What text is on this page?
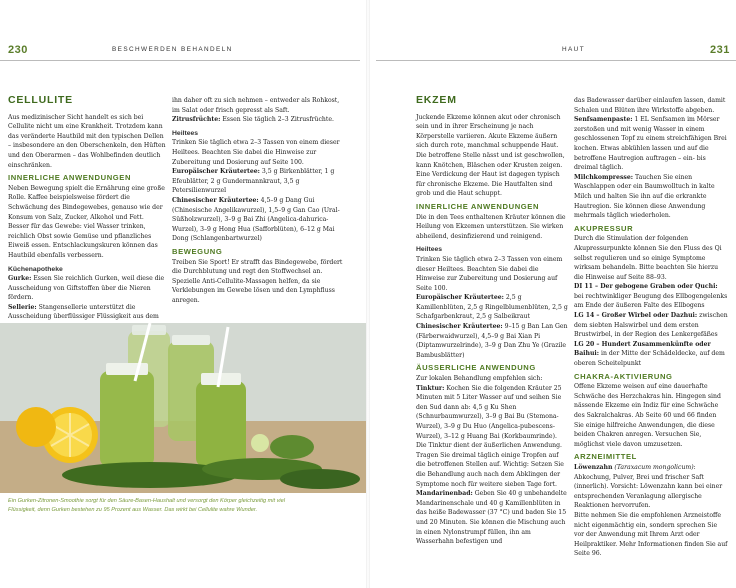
230	BESCHWERDEN BEHANDELN
CELLULITE

Aus medizinischer Sicht handelt es sich bei Cellulite nicht um eine Krankheit. Trotzdem kann das veränderte Hautbild mit den typischen Dellen – insbesondere an den Oberschenkeln, den Hüften und den Oberarmen – das Wohlbefinden deutlich einschränken.

INNERLICHE ANWENDUNGEN

Neben Bewegung spielt die Ernährung eine große Rolle. Kaffee beispielsweise fördert die Schwächung des Bindegewebes, genauso wie der Konsum von Salz, Zucker, Alkohol und Fett. Besser für das Gewebe: viel Wasser trinken, reichlich Obst sowie Gemüse und pflanzliches Eiweiß essen. Entschlackungskuren können das Hautbild ebenfalls verbessern.

Küchenapotheke

Gurke: Essen Sie reichlich Gurken, weil diese die Ausscheidung von Giftstoffen über die Nieren fördern.

Sellerie: Stangensellerie unterstützt die Ausscheidung überflüssiger Flüssigkeit aus dem

ihn daher oft zu sich nehmen – entweder als Rohkost, im Salat oder frisch gepresst als Saft.

Zitrusfrüchte: Essen Sie täglich 2–3 Zitrusfrüchte.

Heiltees

Trinken Sie täglich etwa 2–3 Tassen von einem dieser Heiltees. Beachten Sie dabei die Hinweise zur Zubereitung und Dosierung auf Seite 100.

Europäischer Kräutertee: 3,5 g Birkenblätter, 1 g Efeublätter, 2 g Gundermannkraut, 3,5 g Petersilienwurzel

Chinesischer Kräutertee: 4,5–9 g Dang Gui (Chinesische Angelikawurzel), 1,5–9 g Gan Cao (Ural-Süßholzwurzel), 3–9 g Bai Zhi (Angelica-dahurica-Wurzel), 3–9 g Hong Hua (Safforblüten), 6–12 g Mai Dong (Schlangenbartwurzel)

BEWEGUNG

Treiben Sie Sport! Er strafft das Bindegewebe, fördert die Durchblutung und regt den Stoffwechsel an. Spezielle Anti-Cellulite-Massagen helfen, da sie Verklebungen im Gewebe lösen und den Lymphfluss anregen.

Ein Gurken-Zitronen-Smoothie sorgt für den Säure-Basen-Haushalt und versorgt den Körper gleichzeitig mit viel Flüssigkeit, denn Gurken bestehen zu 95 Prozent aus Wasser. Das wirkt bei Cellulite wahre Wunder.
HAUT	231
EKZEM

Juckende Ekzeme können akut oder chronisch sein und in ihrer Erscheinung je nach Körperstelle variieren. Akute Ekzeme äußern sich durch rote, manchmal schuppende Haut. Die betroffene Stelle nässt und ist geschwollen, kann Knötchen, Bläschen oder Krusten zeigen. Eine Verdickung der Haut ist dagegen typisch für chronische Ekzeme. Die Hautfalten sind grob und die Haut schuppt.

INNERLICHE ANWENDUNGEN

Die in den Tees enthaltenen Kräuter können die Heilung von Ekzemen unterstützen. Sie wirken abheilend, desinfizierend und reinigend.

Heiltees

Trinken Sie täglich etwa 2–3 Tassen von einem dieser Heiltees. Beachten Sie dabei die Hinweise zur Zubereitung und Dosierung auf Seite 100.

Europäischer Kräutertee: 2,5 g Kamillenblüten, 2,5 g Ringelblumenblüten, 2,5 g Schafgarbenkraut, 2,5 g Salbeikraut

Chinesischer Kräutertee: 9–15 g Ban Lan Gen (Färberwaidwurzel), 4,5–9 g Bai Xian Pi (Diptamwurzelrinde), 3–9 g Dan Zhu Ye (Grazile Bambusblätter)

ÄUSSERLICHE ANWENDUNG

Zur lokalen Behandlung empfehlen sich:

Tinktur: Kochen Sie die folgenden Kräuter 25 Minuten mit 5 Liter Wasser auf und seihen Sie den Sud dann ab: 4,5 g Ku Shen (Schnurbaumwurzel), 3–9 g Bai Bu (Stemona-Wurzel), 3–9 g Du Huo (Angelica-pubescens-Wurzel), 3–12 g Huang Bai (Korkbaumrinde). Die Tinktur dient der äußerlichen Anwendung. Tragen Sie dreimal täglich einige Tropfen auf die betroffenen Stellen auf. Wichtig: Setzen Sie die Behandlung auch nach dem Abklingen der Symptome noch für weitere sieben Tage fort.

Mandarinenbad: Geben Sie 40 g unbehandelte Mandarinenschale und 40 g Kamillenblüten in das heiße Badewasser (37 °C) und baden Sie 15 und 20 Minuten. Sie können die Mischung auch in einen Nylonstrumpf füllen, ihn am Wasserhahn befestigen und

das Badewasser darüber einlaufen lassen, damit Schalen und Blüten ihre Wirkstoffe abgeben.

Senfsamenpaste: 1 EL Senfsamen im Mörser zerstoßen und mit wenig Wasser in einem geschlossenen Topf zu einem streichfähigen Brei kochen. Etwas abkühlen lassen und auf die betroffene Hautregion auftragen – ein- bis dreimal täglich.

Milchkompresse: Tauchen Sie einen Waschlappen oder ein Baumwolltuch in kalte Milch und halten Sie ihn auf die erkrankte Hautregion. Sie können diese Anwendung mehrmals täglich wiederholen.

AKUPRESSUR

Durch die Stimulation der folgenden Akupressurpunkte können Sie den Fluss des Qi selbst regulieren und so einige Symptome wirksam behandeln. Bitte beachten Sie hierzu die Hinweise auf Seite 88–93.

DI 11 – Der gebogene Graben oder Quchi: bei rechtwinkliger Beugung des Ellbogengelenks am Ende der äußeren Falte des Ellbogens

LG 14 – Großer Wirbel oder Dazhui: zwischen dem siebten Halswirbel und dem ersten Brustwirbel, in der Region des Lenkergefäßes

LG 20 – Hundert Zusammenkünfte oder Baihui: in der Mitte der Schädeldecke, auf dem oberen Scheitelpunkt

CHAKRA-AKTIVIERUNG

Offene Ekzeme weisen auf eine dauerhafte Schwäche des Herzchakras hin. Hingegen sind nässende Ekzeme ein Indiz für eine Schwäche des Sakralchakras. Ab Seite 60 und 66 finden Sie einige hilfreiche Anwendungen, die diese beiden Chakren anregen. Versuchen Sie, möglichst viele davon umzusetzen.

ARZNEIMITTEL

Löwenzahn (Taraxacum mongolicum): Abkochung, Pulver, Brei und frischer Saft (innerlich). Vorsicht: Löwenzahn kann bei einer entsprechenden Veranlagung allergische Reaktionen hervorrufen.

Bitte nehmen Sie die empfohlenen Arzneistoffe nicht eigenmächtig ein, sondern sprechen Sie vor der Anwendung mit Ihrem Arzt oder Heilpraktiker. Mehr Informationen finden Sie auf Seite 96.
